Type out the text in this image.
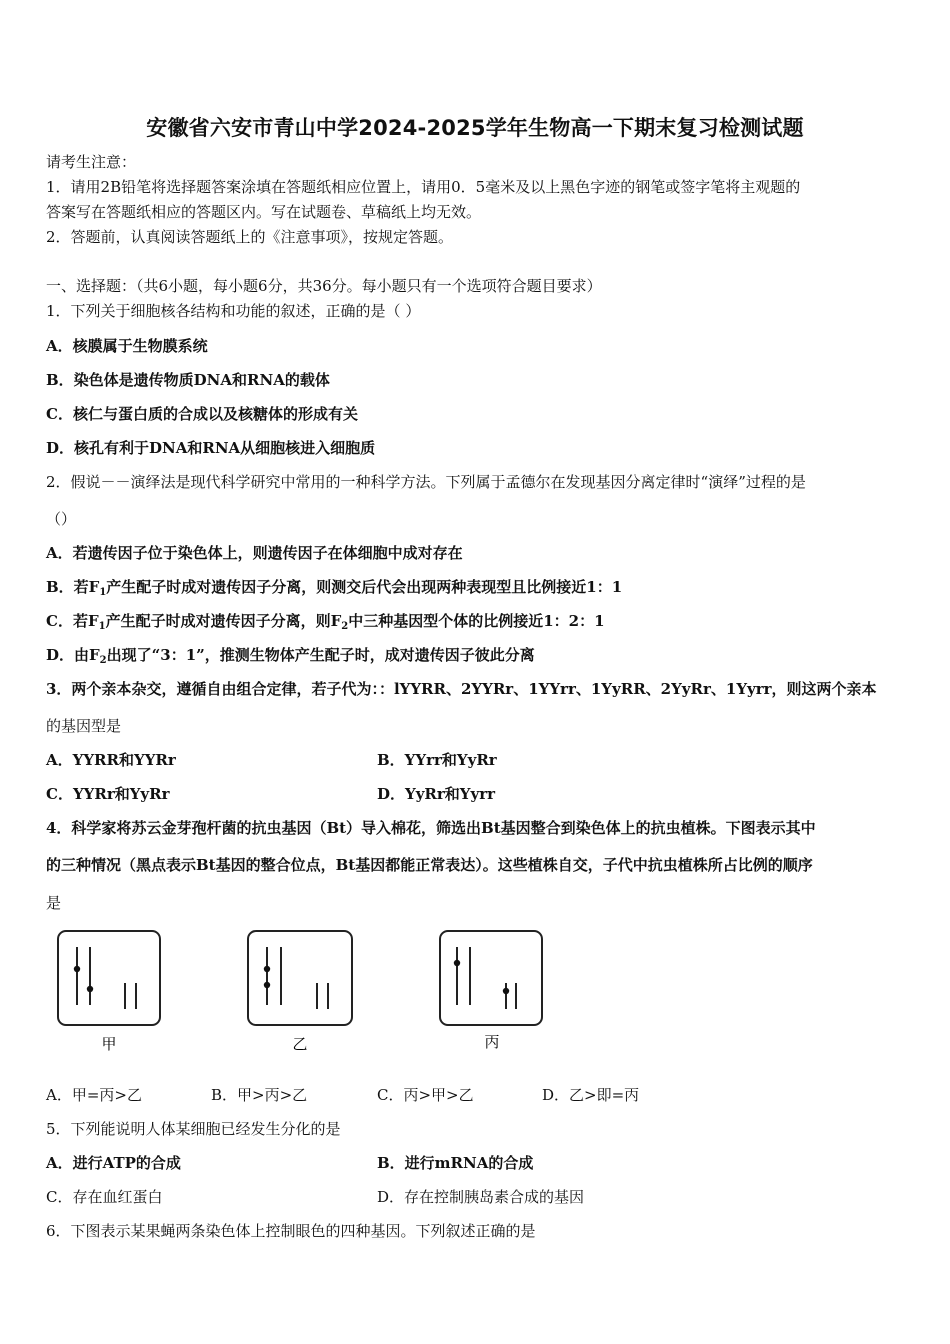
安徽省六安市青山中学2024-2025学年生物高一下期末复习检测试题
请考生注意：
1．请用2B铅笔将选择题答案涂填在答题纸相应位置上，请用0．5毫米及以上黑色字迹的钢笔或签字笔将主观题的
答案写在答题纸相应的答题区内。写在试题卷、草稿纸上均无效。
2．答题前，认真阅读答题纸上的《注意事项》，按规定答题。
一、选择题：（共6小题，每小题6分，共36分。每小题只有一个选项符合题目要求）
1．下列关于细胞核各结构和功能的叙述，正确的是（ ）
A．核膜属于生物膜系统
B．染色体是遗传物质DNA和RNA的载体
C．核仁与蛋白质的合成以及核糖体的形成有关
D．核孔有利于DNA和RNA从细胞核进入细胞质
2．假说－－演绎法是现代科学研究中常用的一种科学方法。下列属于孟德尔在发现基因分离定律时“演绎”过程的是
（）
A．若遗传因子位于染色体上，则遗传因子在体细胞中成对存在
B．若$F_1$产生配子时成对遗传因子分离，则测交后代会出现两种表现型且比例接近1：1
C．若$F_1$产生配子时成对遗传因子分离，则$F_2$中三种基因型个体的比例接近1：2：1
D．由$F_2$出现了“3：1”，推测生物体产生配子时，成对遗传因子彼此分离
3．两个亲本杂交，遵循自由组合定律，若子代为：：lYYRR、2YYRr、1YYrr、1YyRR、2YyRr、1Yyrr，则这两个亲本
的基因型是
A．YYRR和YYRr	B．YYrr和YyRr
C．YYRr和YyRr	D．YyRr和Yyrr
4．科学家将苏云金芽孢杆菌的抗虫基因（Bt）导入棉花，筛选出Bt基因整合到染色体上的抗虫植株。下图表示其中
的三种情况（黑点表示Bt基因的整合位点，Bt基因都能正常表达）。这些植株自交，子代中抗虫植株所占比例的顺序
是
甲	乙	丙
A．甲=丙>乙	B．甲>丙>乙	C．丙>甲>乙	D．乙>即=丙
5．下列能说明人体某细胞已经发生分化的是
A．进行ATP的合成	B．进行mRNA的合成
C．存在血红蛋白	D．存在控制胰岛素合成的基因
6．下图表示某果蝇两条染色体上控制眼色的四种基因。下列叙述正确的是
